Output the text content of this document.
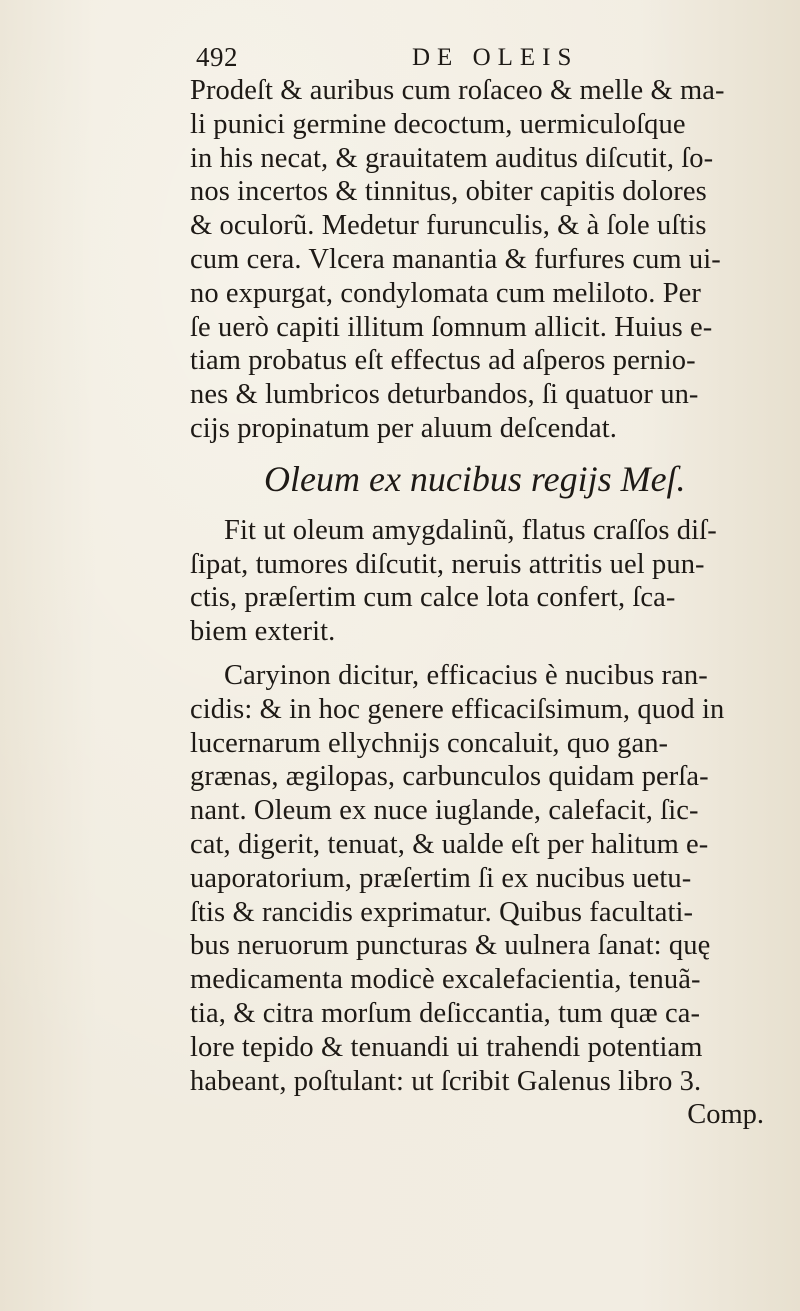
492	DE OLEIS
Prodeſt & auribus cum roſaceo & melle & ma-
li punici germine decoctum, uermiculoſque
in his necat, & grauitatem auditus diſcutit, ſo-
nos incertos & tinnitus, obiter capitis dolores
& oculorũ. Medetur furunculis, & à ſole uſtis
cum cera. Vlcera manantia & furfures cum ui-
no expurgat, condylomata cum meliloto. Per
ſe uerò capiti illitum ſomnum allicit. Huius e-
tiam probatus eſt effectus ad aſperos pernio-
nes & lumbricos deturbandos, ſi quatuor un-
cijs propinatum per aluum deſcendat.
Oleum ex nucibus regijs Meſ.
Fit ut oleum amygdalinũ, flatus craſſos diſ-
ſipat, tumores diſcutit, neruis attritis uel pun-
ctis, præſertim cum calce lota confert, ſca-
biem exterit.
Caryinon dicitur, efficacius è nucibus ran-
cidis: & in hoc genere efficaciſsimum, quod in
lucernarum ellychnijs concaluit, quo gan-
grænas, ægilopas, carbunculos quidam perſa-
nant. Oleum ex nuce iuglande, calefacit, ſic-
cat, digerit, tenuat, & ualde eſt per halitum e-
uaporatorium, præſertim ſi ex nucibus uetu-
ſtis & rancidis exprimatur. Quibus facultati-
bus neruorum puncturas & uulnera ſanat: quę
medicamenta modicè excalefacientia, tenuã-
tia, & citra morſum deſiccantia, tum quæ ca-
lore tepido & tenuandi ui trahendi potentiam
habeant, poſtulant: ut ſcribit Galenus libro 3.
Comp.
